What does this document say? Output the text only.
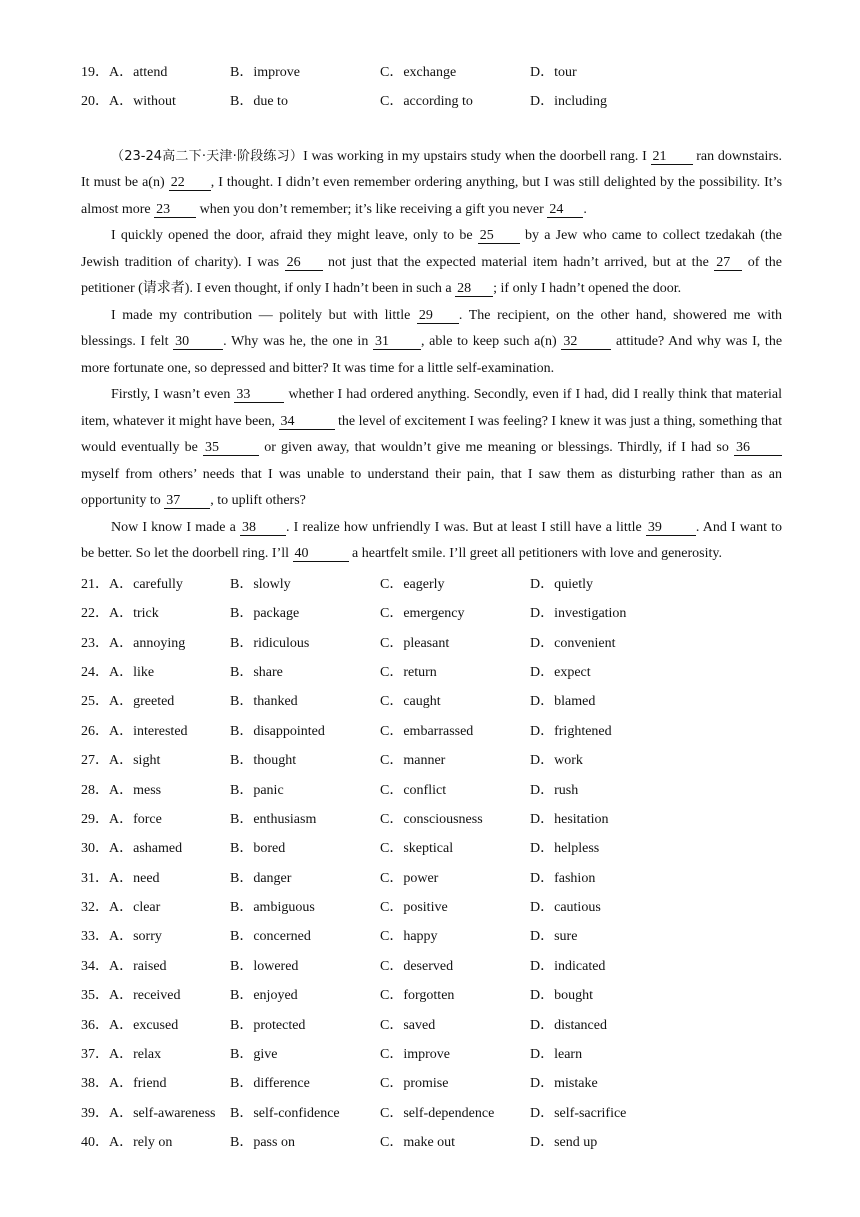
19．A．attend	B．improve	C．exchange	D．tour
20．A．without	B．due to	C．according to	D．including

（23-24高二下·天津·阶段练习）I was working in my upstairs study when the doorbell rang. I 21 ran downstairs. It must be a(n) 22 , I thought. I didn’t even remember ordering anything, but I was still delighted by the possibility. It’s almost more 23 when you don’t remember; it’s like receiving a gift you never 24 .

I quickly opened the door, afraid they might leave, only to be 25 by a Jew who came to collect tzedakah (the Jewish tradition of charity). I was 26 not just that the expected material item hadn’t arrived, but at the 27 of the petitioner (请求者). I even thought, if only I hadn’t been in such a 28 ; if only I hadn’t opened the door.

I made my contribution — politely but with little 29 . The recipient, on the other hand, showered me with blessings. I felt 30 . Why was he, the one in 31 , able to keep such a(n) 32	attitude? And why was I, the more fortunate one, so depressed and bitter? It was time for a little self-examination.

Firstly, I wasn’t even 33	whether I had ordered anything. Secondly, even if I had, did I really think that material item, whatever it might have been, 34	the level of excitement I was feeling? I knew it was just a thing, something that would eventually be 35	or given away, that wouldn’t give me meaning or blessings. Thirdly, if I had so 36 myself from others’ needs that I was unable to understand their pain, that I saw them as disturbing rather than as an opportunity to 37 , to uplift others?

Now I know I made a 38 . I realize how unfriendly I was. But at least I still have a little 39 . And I want to be better. So let the doorbell ring. I’ll 40	a heartfelt smile. I’ll greet all petitioners with love and generosity.

21．A．carefully	B．slowly	C．eagerly	D．quietly
22．A．trick	B．package	C．emergency	D．investigation
23．A．annoying	B．ridiculous	C．pleasant	D．convenient
24．A．like	B．share	C．return	D．expect
25．A．greeted	B．thanked	C．caught	D．blamed
26．A．interested	B．disappointed	C．embarrassed	D．frightened
27．A．sight	B．thought	C．manner	D．work
28．A．mess	B．panic	C．conflict	D．rush
29．A．force	B．enthusiasm	C．consciousness	D．hesitation
30．A．ashamed	B．bored	C．skeptical	D．helpless
31．A．need	B．danger	C．power	D．fashion
32．A．clear	B．ambiguous	C．positive	D．cautious
33．A．sorry	B．concerned	C．happy	D．sure
34．A．raised	B．lowered	C．deserved	D．indicated
35．A．received	B．enjoyed	C．forgotten	D．bought
36．A．excused	B．protected	C．saved	D．distanced
37．A．relax	B．give	C．improve	D．learn
38．A．friend	B．difference	C．promise	D．mistake
39．A．self-awareness B．self-confidence	C．self-dependence	D．self-sacrifice
40．A．rely on	B．pass on	C．make out	D．send up
